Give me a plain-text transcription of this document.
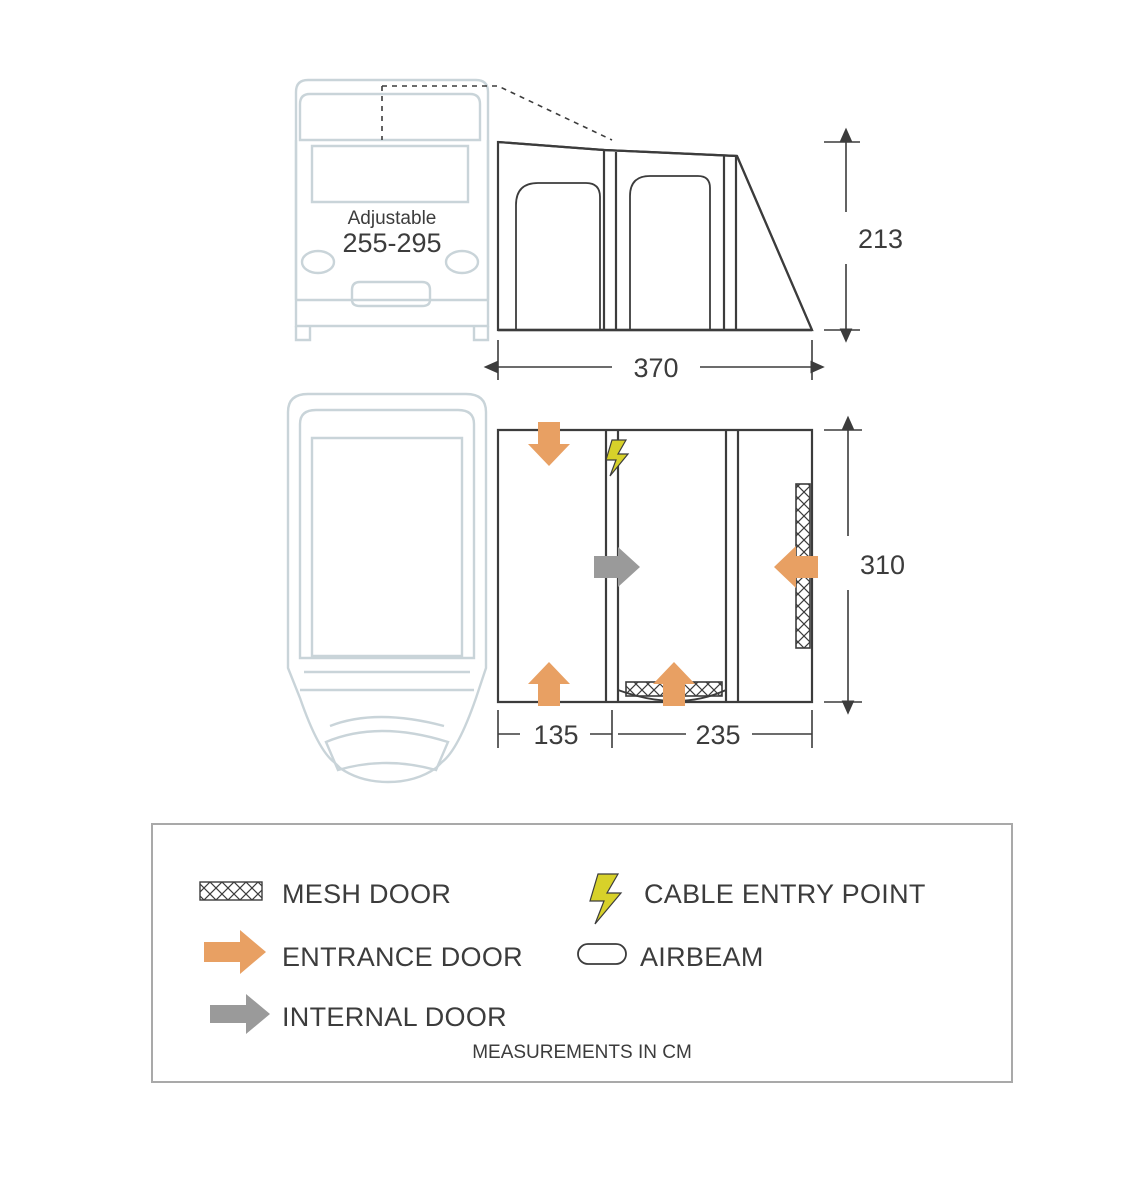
Adjustable
255-295	213
370
310
135	235
MESH DOOR	CABLE ENTRY POINT
ENTRANCE DOOR	AIRBEAM
INTERNAL DOOR
MEASUREMENTS IN CM
